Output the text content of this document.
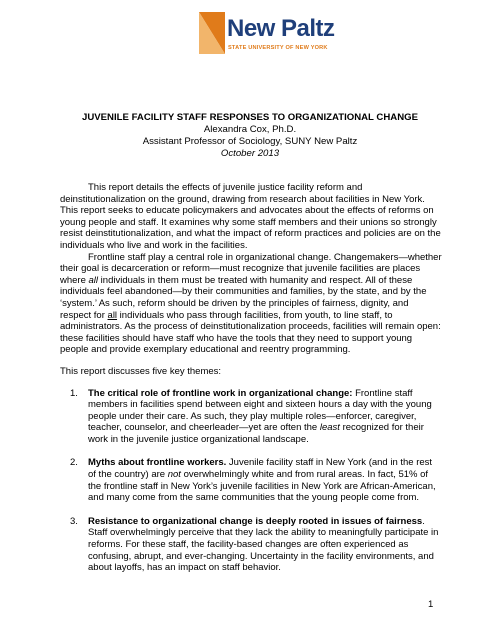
New Paltz
STATE UNIVERSITY OF NEW YORK
JUVENILE FACILITY STAFF RESPONSES TO ORGANIZATIONAL CHANGE
Alexandra Cox, Ph.D.
Assistant Professor of Sociology, SUNY New Paltz
October 2013

This report details the effects of juvenile justice facility reform and deinstitutionalization on the ground, drawing from research about facilities in New York. This report seeks to educate policymakers and advocates about the effects of reforms on young people and staff. It examines why some staff members and their unions so strongly resist deinstitutionalization, and what the impact of reform practices and policies are on the individuals who live and work in the facilities.

Frontline staff play a central role in organizational change. Changemakers—whether their goal is decarceration or reform—must recognize that juvenile facilities are places where all individuals in them must be treated with humanity and respect. All of these individuals feel abandoned—by their communities and families, by the state, and by the ‘system.’ As such, reform should be driven by the principles of fairness, dignity, and respect for all individuals who pass through facilities, from youth, to line staff, to administrators. As the process of deinstitutionalization proceeds, facilities will remain open: these facilities should have staff who have the tools that they need to support young people and provide exemplary educational and reentry programming.

This report discusses five key themes:

1. The critical role of frontline work in organizational change: Frontline staff members in facilities spend between eight and sixteen hours a day with the young people under their care. As such, they play multiple roles—enforcer, caregiver, teacher, counselor, and cheerleader—yet are often the least recognized for their work in the juvenile justice organizational landscape.
2. Myths about frontline workers. Juvenile facility staff in New York (and in the rest of the country) are not overwhelmingly white and from rural areas. In fact, 51% of the frontline staff in New York’s juvenile facilities in New York are African-American, and many come from the same communities that the young people come from.
3. Resistance to organizational change is deeply rooted in issues of fairness. Staff overwhelmingly perceive that they lack the ability to meaningfully participate in reforms. For these staff, the facility-based changes are often experienced as confusing, abrupt, and ever-changing. Uncertainty in the facility environments, and about layoffs, has an impact on staff behavior.
1
